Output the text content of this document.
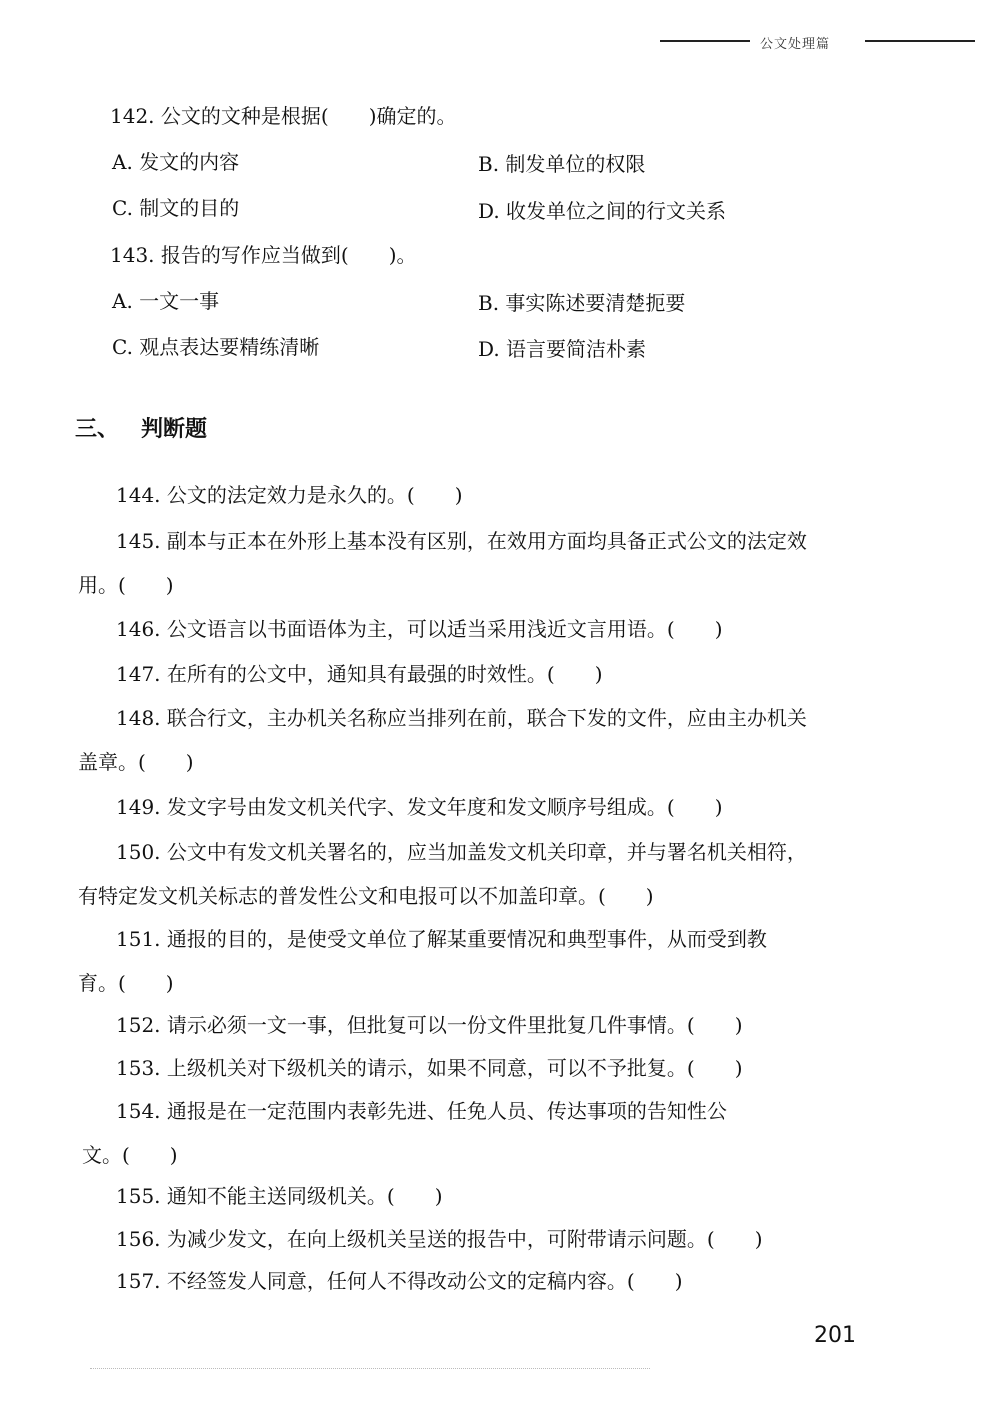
公文处理篇
142. 公文的文种是根据(　　)确定的。
A. 发文的内容	B. 制发单位的权限
C. 制文的目的	D. 收发单位之间的行文关系
143. 报告的写作应当做到(　　)。
A. 一文一事	B. 事实陈述要清楚扼要
C. 观点表达要精练清晰	D. 语言要简洁朴素
三、 判断题
144. 公文的法定效力是永久的。(　　)
145. 副本与正本在外形上基本没有区别，在效用方面均具备正式公文的法定效
用。(　　)
146. 公文语言以书面语体为主，可以适当采用浅近文言用语。(　　)
147. 在所有的公文中，通知具有最强的时效性。(　　)
148. 联合行文，主办机关名称应当排列在前，联合下发的文件，应由主办机关
盖章。(　　)
149. 发文字号由发文机关代字、发文年度和发文顺序号组成。(　　)
150. 公文中有发文机关署名的，应当加盖发文机关印章，并与署名机关相符，
有特定发文机关标志的普发性公文和电报可以不加盖印章。(　　)
151. 通报的目的，是使受文单位了解某重要情况和典型事件，从而受到教
育。(　　)
152. 请示必须一文一事，但批复可以一份文件里批复几件事情。(　　)
153. 上级机关对下级机关的请示，如果不同意，可以不予批复。(　　)
154. 通报是在一定范围内表彰先进、任免人员、传达事项的告知性公
文。(　　)
155. 通知不能主送同级机关。(　　)
156. 为减少发文，在向上级机关呈送的报告中，可附带请示问题。(　　)
157. 不经签发人同意，任何人不得改动公文的定稿内容。(　　)
201
